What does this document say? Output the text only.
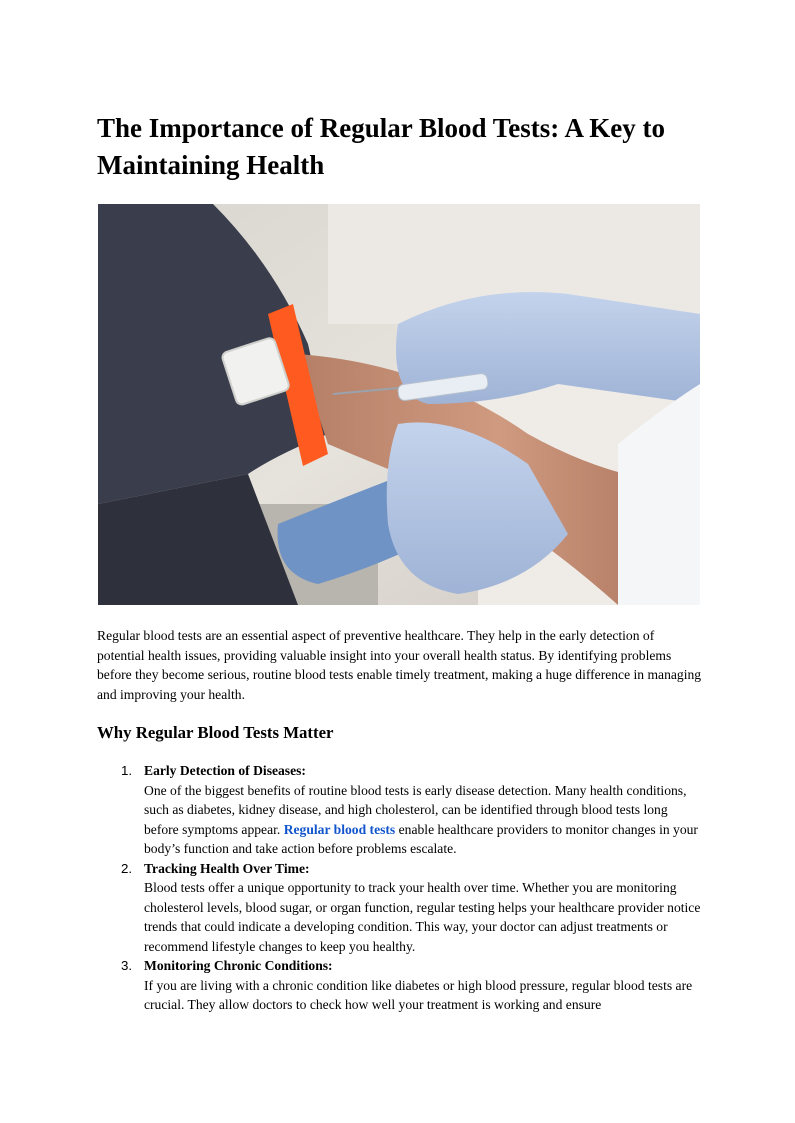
The Importance of Regular Blood Tests: A Key to Maintaining Health

Regular blood tests are an essential aspect of preventive healthcare. They help in the early detection of potential health issues, providing valuable insight into your overall health status. By identifying problems before they become serious, routine blood tests enable timely treatment, making a huge difference in managing and improving your health.

Why Regular Blood Tests Matter
1. Early Detection of Diseases:

One of the biggest benefits of routine blood tests is early disease detection. Many health conditions, such as diabetes, kidney disease, and high cholesterol, can be identified through blood tests long before symptoms appear. Regular blood tests enable healthcare providers to monitor changes in your body’s function and take action before problems escalate.

2. Tracking Health Over Time:

Blood tests offer a unique opportunity to track your health over time. Whether you are monitoring cholesterol levels, blood sugar, or organ function, regular testing helps your healthcare provider notice trends that could indicate a developing condition. This way, your doctor can adjust treatments or recommend lifestyle changes to keep you healthy.

3. Monitoring Chronic Conditions:

If you are living with a chronic condition like diabetes or high blood pressure, regular blood tests are crucial. They allow doctors to check how well your treatment is working and ensure
